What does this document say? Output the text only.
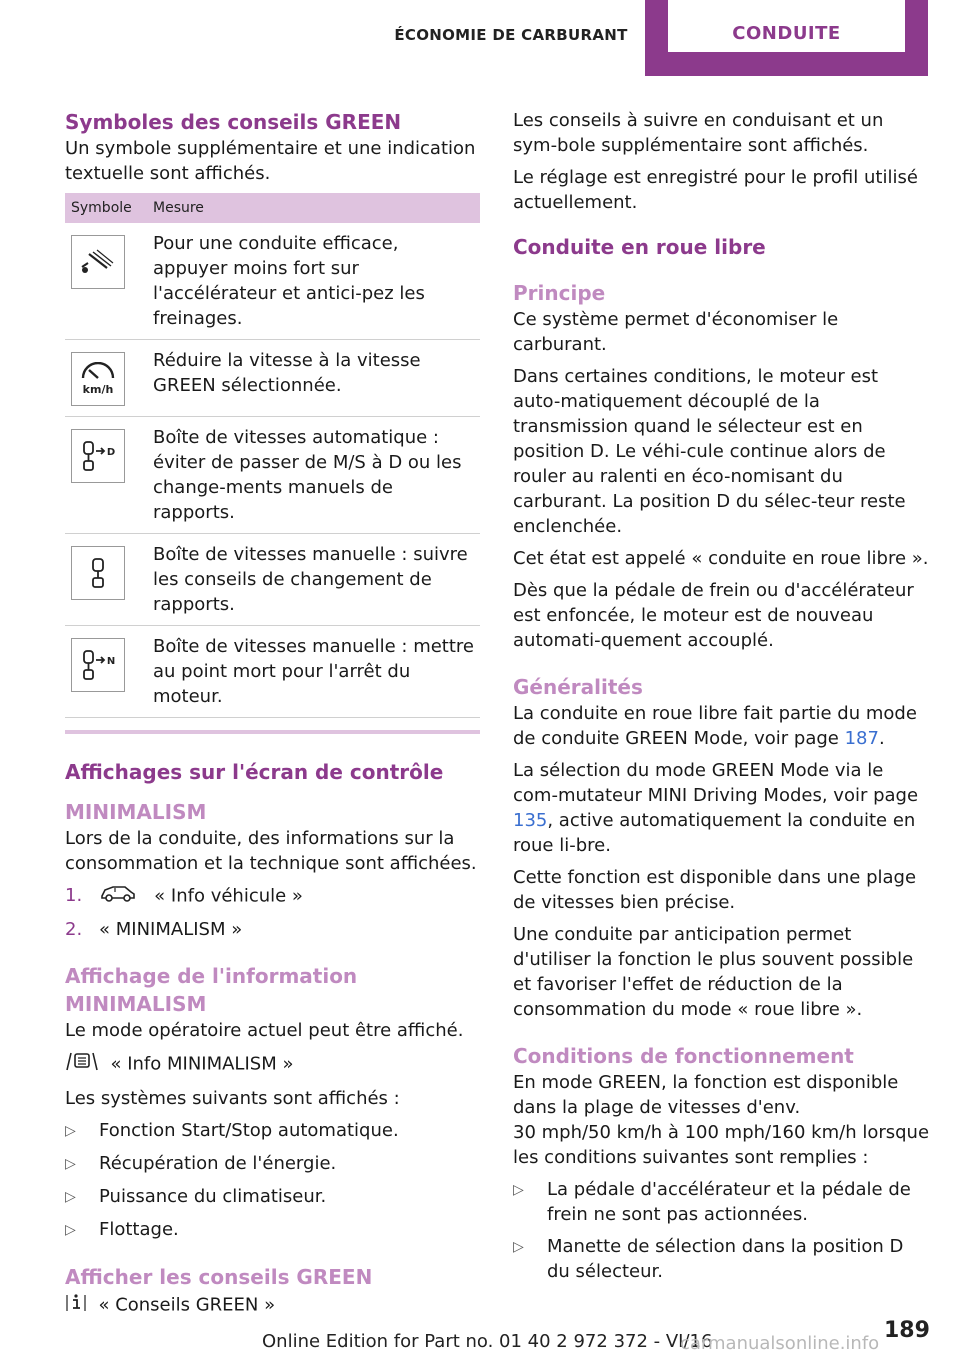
ÉCONOMIE DE CARBURANT	CONDUITE
Symboles des conseils GREEN

Un symbole supplémentaire et une indication textuelle sont affichés.

Symbole	Mesure

	Pour une conduite efficace, appuyer moins fort sur l'accélérateur et antici-pez les freinages.

km/h	Réduire la vitesse à la vitesse GREEN sélectionnée.

D	Boîte de vitesses automatique : éviter de passer de M/S à D ou les change-ments manuels de rapports.

	Boîte de vitesses manuelle : suivre les conseils de changement de rapports.

N	Boîte de vitesses manuelle : mettre au point mort pour l'arrêt du moteur.
Affichages sur l'écran de contrôle
MINIMALISM

Lors de la conduite, des informations sur la consommation et la technique sont affichées.

1.	« Info véhicule »
2. « MINIMALISM »
Affichage de l'information MINIMALISM

Le mode opératoire actuel peut être affiché.

« Info MINIMALISM »

Les systèmes suivants sont affichés :

▷	Fonction Start/Stop automatique.
▷	Récupération de l'énergie.
▷	Puissance du climatiseur.
▷	Flottage.
Afficher les conseils GREEN

« Conseils GREEN »

Les conseils à suivre en conduisant et un sym-bole supplémentaire sont affichés.

Le réglage est enregistré pour le profil utilisé actuellement.

Conduite en roue libre
Principe

Ce système permet d'économiser le carburant.

Dans certaines conditions, le moteur est auto-matiquement découplé de la transmission quand le sélecteur est en position D. Le véhi-cule continue alors de rouler au ralenti en éco-nomisant du carburant. La position D du sélec-teur reste enclenchée.

Cet état est appelé « conduite en roue libre ».

Dès que la pédale de frein ou d'accélérateur est enfoncée, le moteur est de nouveau automati-quement accouplé.

Généralités

La conduite en roue libre fait partie du mode de conduite GREEN Mode, voir page 187.

La sélection du mode GREEN Mode via le com-mutateur MINI Driving Modes, voir page 135, active automatiquement la conduite en roue li-bre.

Cette fonction est disponible dans une plage de vitesses bien précise.

Une conduite par anticipation permet d'utiliser la fonction le plus souvent possible et favoriser l'effet de réduction de la consommation du mode « roue libre ».

Conditions de fonctionnement

En mode GREEN, la fonction est disponible dans la plage de vitesses d'env.

30 mph/50 km/h à 100 mph/160 km/h lorsque les conditions suivantes sont remplies :

▷	La pédale d'accélérateur et la pédale de frein ne sont pas actionnées.
▷	Manette de sélection dans la position D du sélecteur.
Online Edition for Part no. 01 40 2 972 372 - VI/16
carmanualsonline.info
189
